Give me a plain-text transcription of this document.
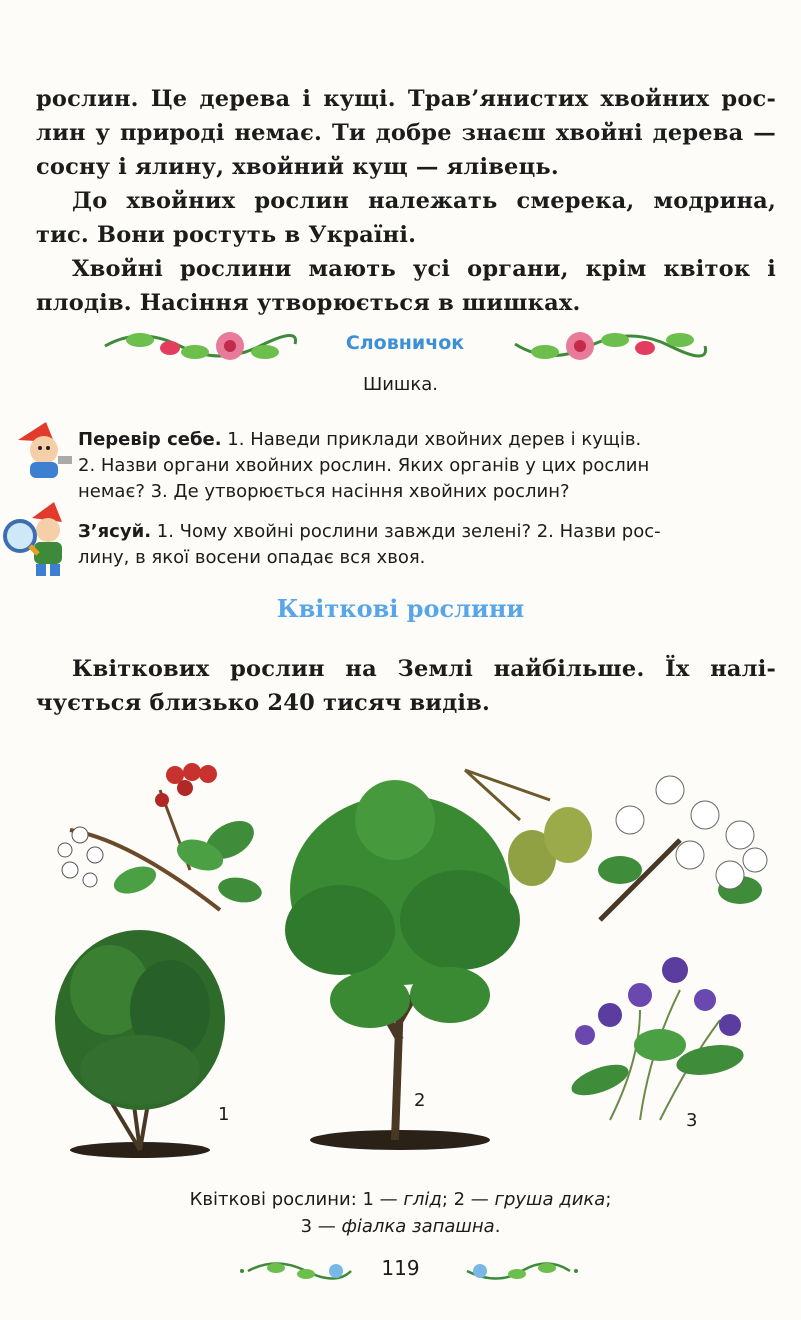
рослин. Це дерева і кущі. Трав’янистих хвойних рос-
лин у природі немає. Ти добре знаєш хвойні дерева —
сосну і ялину, хвойний кущ — ялівець.
До хвойних рослин належать смерека, модрина,
тис. Вони ростуть в Україні.
Хвойні рослини мають усі органи, крім квіток і
плодів. Насіння утворюється в шишках.
Словничок
Шишка.
Перевір себе. 1. Наведи приклади хвойних дерев і кущів.
2. Назви органи хвойних рослин. Яких органів у цих рослин
немає? 3. Де утворюється насіння хвойних рослин?
З’ясуй. 1. Чому хвойні рослини завжди зелені? 2. Назви рос-
лину, в якої восени опадає вся хвоя.
Квіткові рослини
Квіткових рослин на Землі найбільше. Їх налі-
чується близько 240 тисяч видів.
1
2
3
Квіткові рослини: 1 — глід; 2 — груша дика;
3 — фіалка запашна.
119
